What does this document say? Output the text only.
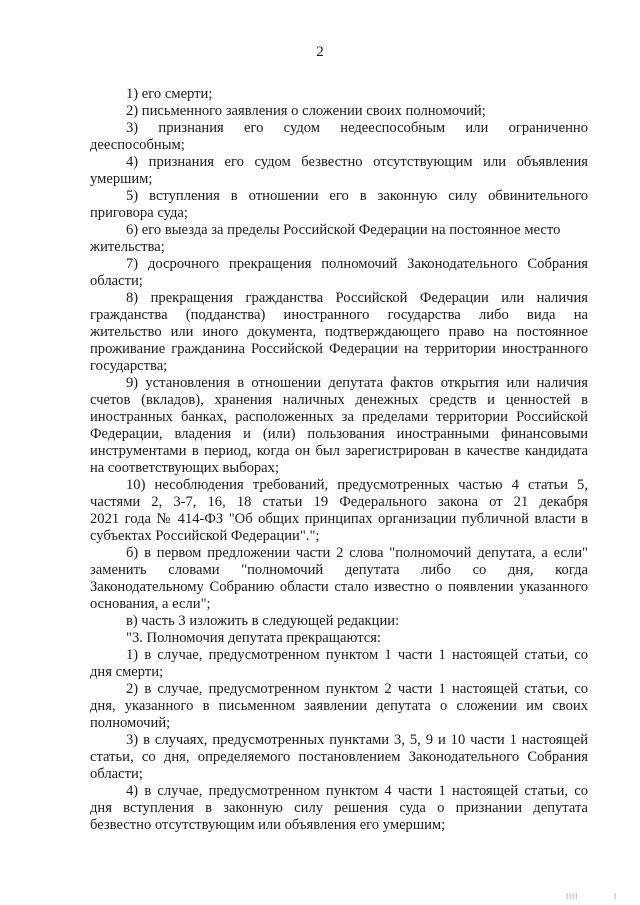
2
1) его смерти;
2) письменного заявления о сложении своих полномочий;
3) признания его судом недееспособным или ограниченно
дееспособным;
4) признания его судом безвестно отсутствующим или объявления
умершим;
5) вступления в отношении его в законную силу обвинительного
приговора суда;
6) его выезда за пределы Российской Федерации на постоянное место
жительства;
7) досрочного прекращения полномочий Законодательного Собрания
области;
8) прекращения гражданства Российской Федерации или наличия
гражданства (подданства) иностранного государства либо вида на
жительство или иного документа, подтверждающего право на постоянное
проживание гражданина Российской Федерации на территории иностранного
государства;
9) установления в отношении депутата фактов открытия или наличия
счетов (вкладов), хранения наличных денежных средств и ценностей в
иностранных банках, расположенных за пределами территории Российской
Федерации, владения и (или) пользования иностранными финансовыми
инструментами в период, когда он был зарегистрирован в качестве кандидата
на соответствующих выборах;
10) несоблюдения требований, предусмотренных частью 4 статьи 5,
частями 2, 3-7, 16, 18 статьи 19 Федерального закона от 21 декабря
2021 года № 414-ФЗ "Об общих принципах организации публичной власти в
субъектах Российской Федерации".";
б) в первом предложении части 2 слова "полномочий депутата, а если"
заменить словами "полномочий депутата либо со дня, когда
Законодательному Собранию области стало известно о появлении указанного
основания, а если";
в) часть 3 изложить в следующей редакции:
"3. Полномочия депутата прекращаются:
1) в случае, предусмотренном пунктом 1 части 1 настоящей статьи, со
дня смерти;
2) в случае, предусмотренном пунктом 2 части 1 настоящей статьи, со
дня, указанного в письменном заявлении депутата о сложении им своих
полномочий;
3) в случаях, предусмотренных пунктами 3, 5, 9 и 10 части 1 настоящей
статьи, со дня, определяемого постановлением Законодательного Собрания
области;
4) в случае, предусмотренном пунктом 4 части 1 настоящей статьи, со
дня вступления в законную силу решения суда о признании депутата
безвестно отсутствующим или объявления его умершим;
||||	|
